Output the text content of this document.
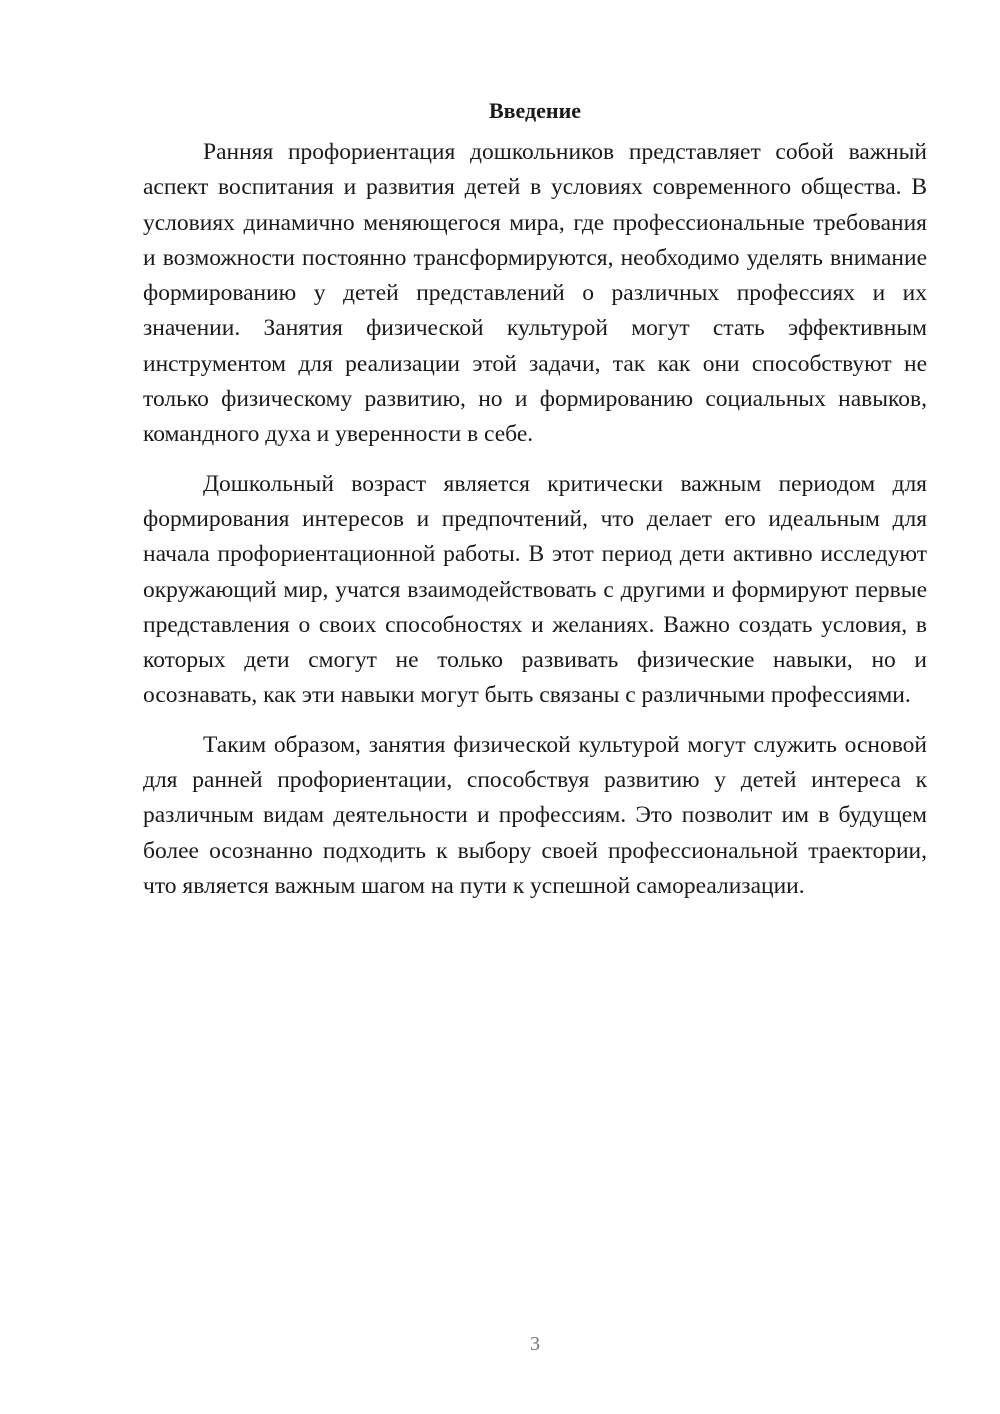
Введение

Ранняя профориентация дошкольников представляет собой важный аспект воспитания и развития детей в условиях современного общества. В условиях динамично меняющегося мира, где профессиональные требования и возможности постоянно трансформируются, необходимо уделять внимание формированию у детей представлений о различных профессиях и их значении. Занятия физической культурой могут стать эффективным инструментом для реализации этой задачи, так как они способствуют не только физическому развитию, но и формированию социальных навыков, командного духа и уверенности в себе.

Дошкольный возраст является критически важным периодом для формирования интересов и предпочтений, что делает его идеальным для начала профориентационной работы. В этот период дети активно исследуют окружающий мир, учатся взаимодействовать с другими и формируют первые представления о своих способностях и желаниях. Важно создать условия, в которых дети смогут не только развивать физические навыки, но и осознавать, как эти навыки могут быть связаны с различными профессиями.

Таким образом, занятия физической культурой могут служить основой для ранней профориентации, способствуя развитию у детей интереса к различным видам деятельности и профессиям. Это позволит им в будущем более осознанно подходить к выбору своей профессиональной траектории, что является важным шагом на пути к успешной самореализации.

3
